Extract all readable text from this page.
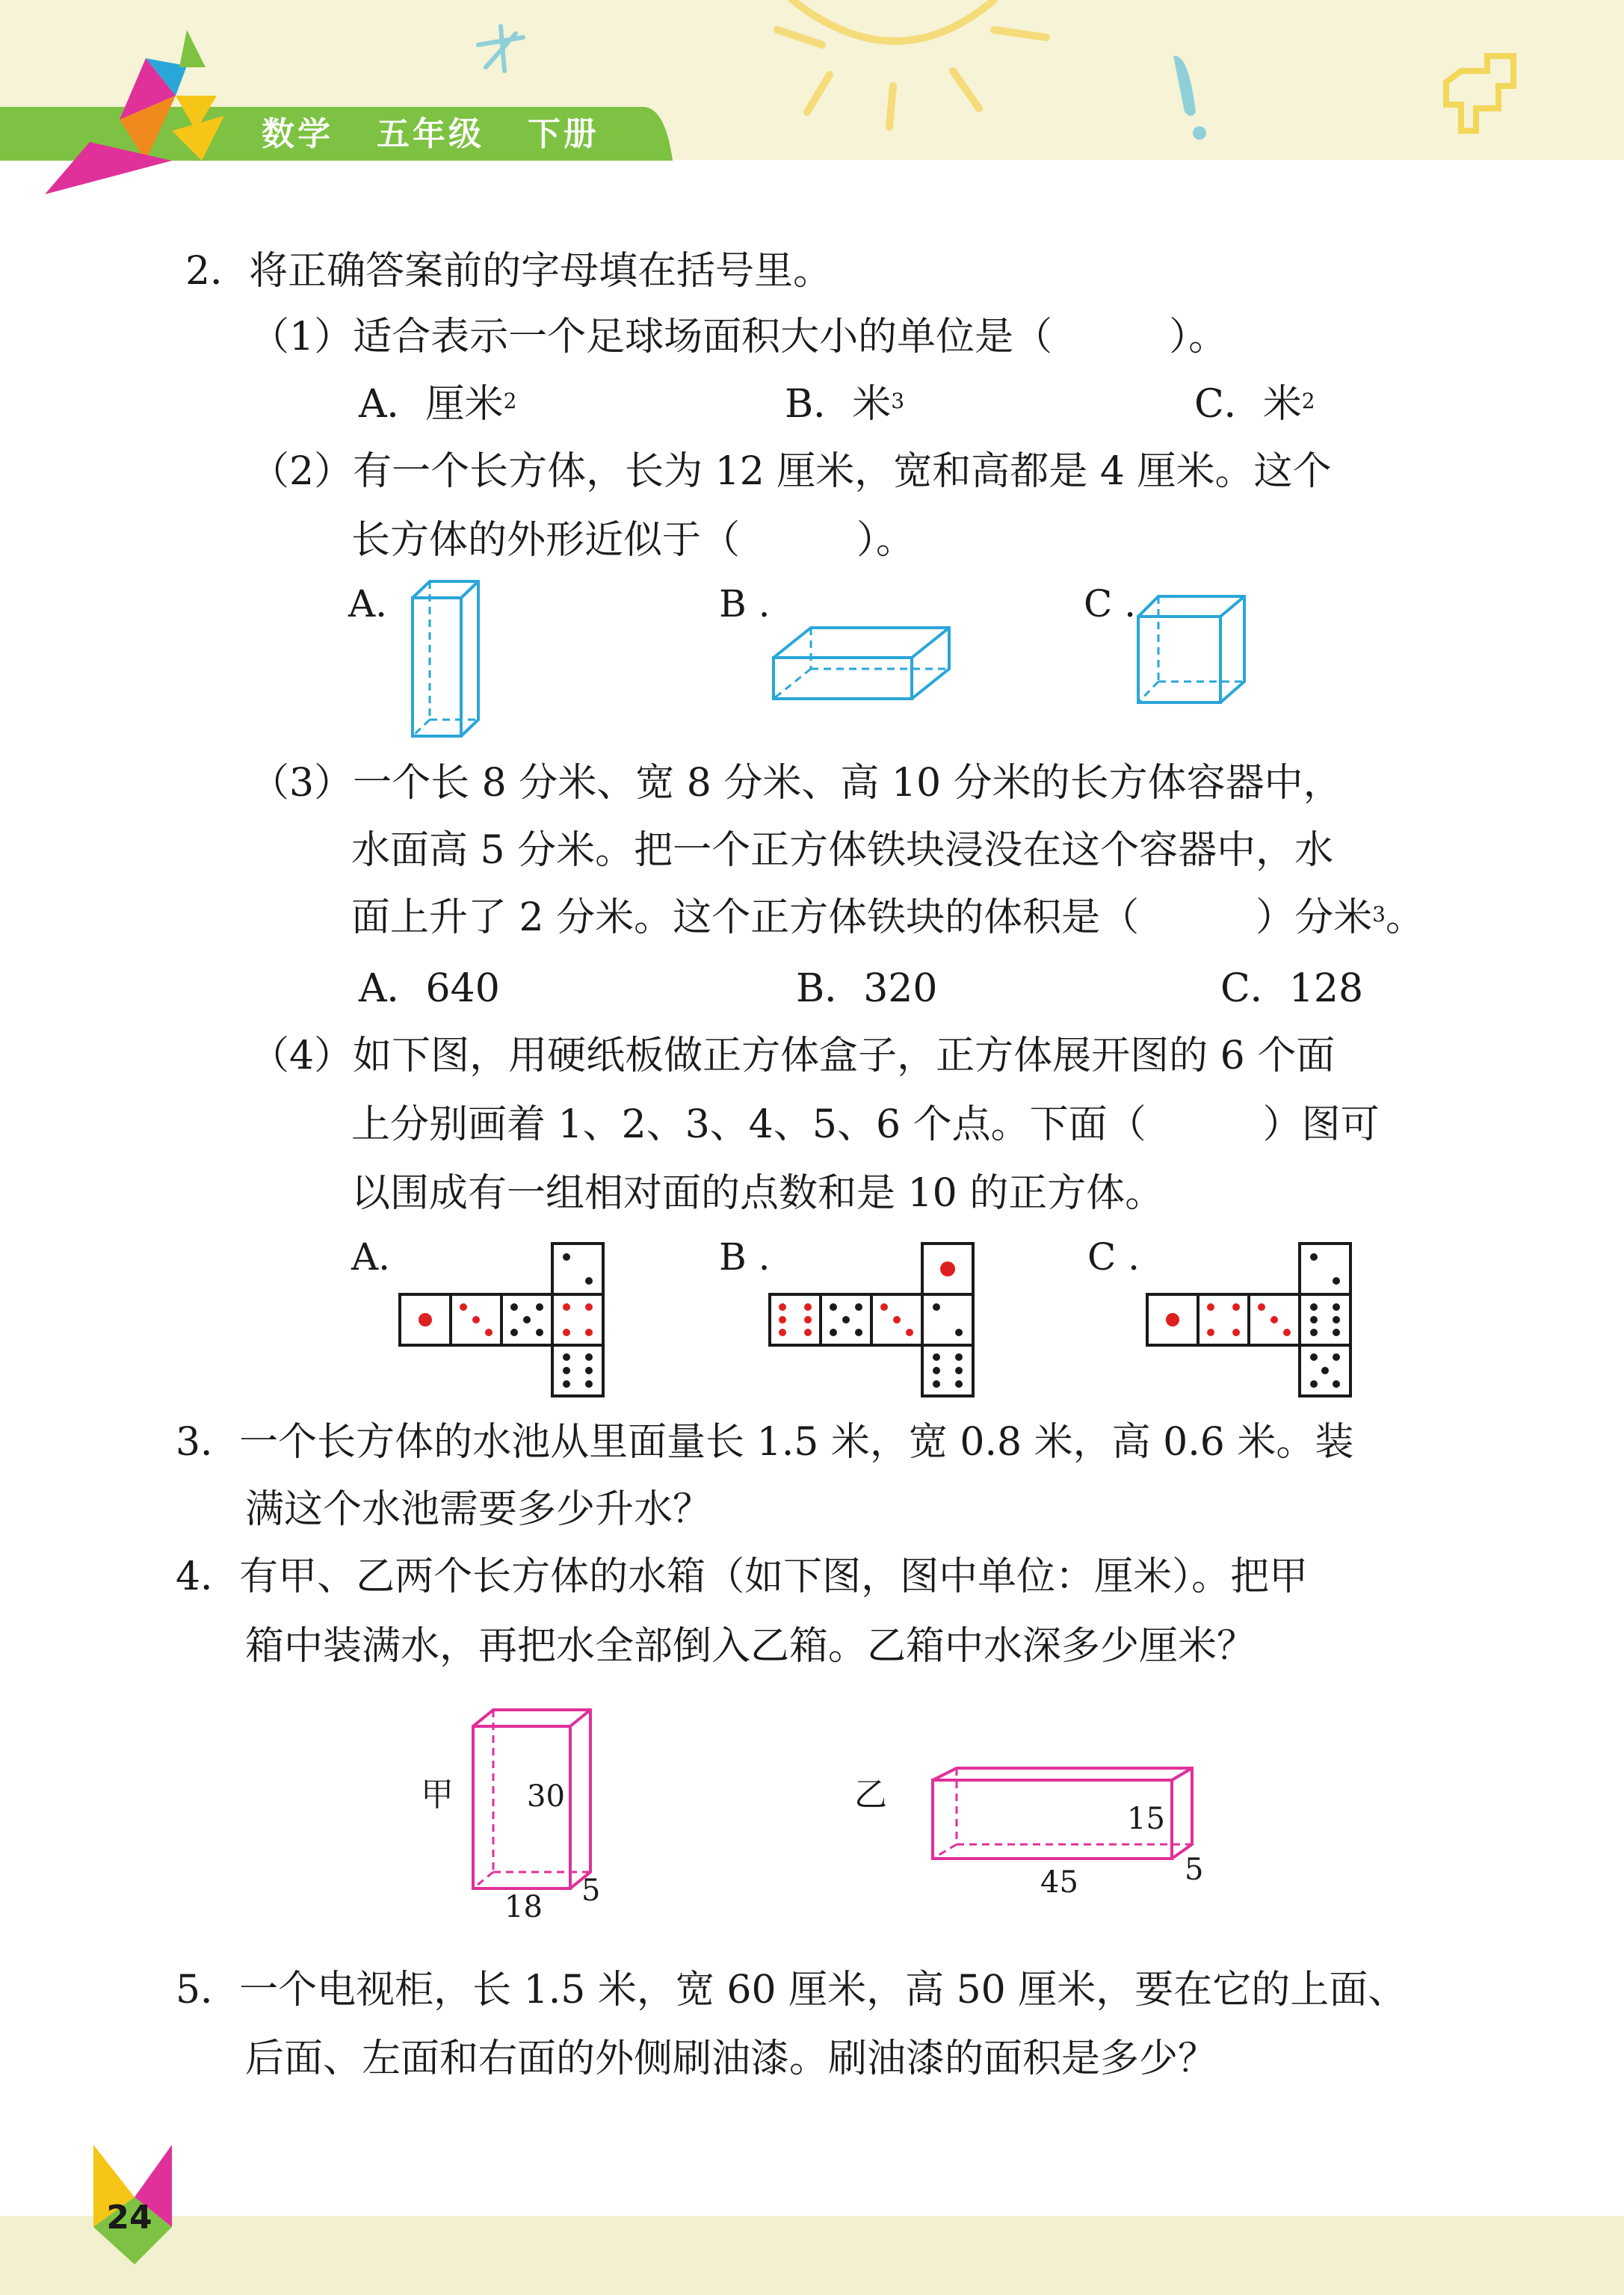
数学 五年级 下册
2．将正确答案前的字母填在括号里。
（1）适合表示一个足球场面积大小的单位是（　　　）。
A．厘米$^2$	B．米$^3$	C．米$^2$
（2）有一个长方体，长为 12 厘米，宽和高都是 4 厘米。这个
长方体的外形近似于（　　　）。
A.	B .	C .
（3）一个长 8 分米、宽 8 分米、高 10 分米的长方体容器中，
水面高 5 分米。把一个正方体铁块浸没在这个容器中，水
面上升了 2 分米。这个正方体铁块的体积是（　　　）分米$^3$。
A．640	B．320	C．128
（4）如下图，用硬纸板做正方体盒子，正方体展开图的 6 个面
上分别画着 1、2、3、4、5、6 个点。下面（　　　）图可
以围成有一组相对面的点数和是 10 的正方体。
A.	B .	C .
3．一个长方体的水池从里面量长 1.5 米，宽 0.8 米，高 0.6 米。装
满这个水池需要多少升水？
4．有甲、乙两个长方体的水箱（如下图，图中单位：厘米）。把甲
箱中装满水，再把水全部倒入乙箱。乙箱中水深多少厘米？
甲 30
18 5
乙
15
45	5
5．一个电视柜，长 1.5 米，宽 60 厘米，高 50 厘米，要在它的上面、
后面、左面和右面的外侧刷油漆。刷油漆的面积是多少？
24
